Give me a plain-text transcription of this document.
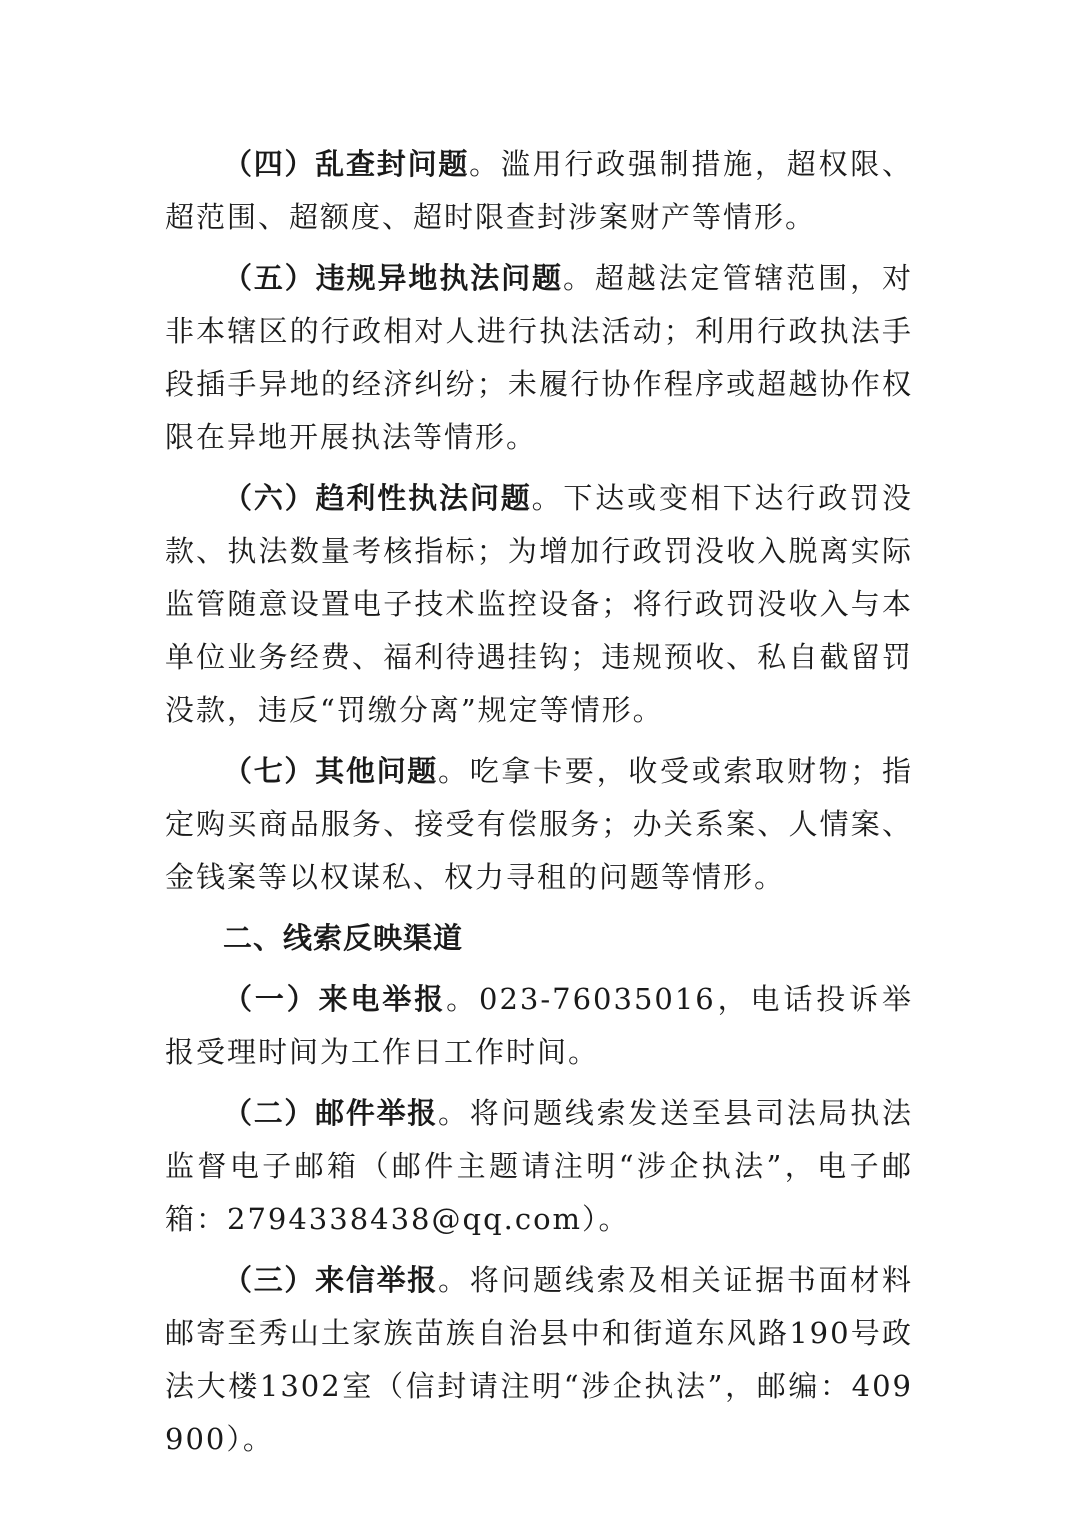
（四）乱查封问题。滥用行政强制措施，超权限、超范围、超额度、超时限查封涉案财产等情形。

（五）违规异地执法问题。超越法定管辖范围，对非本辖区的行政相对人进行执法活动；利用行政执法手段插手异地的经济纠纷；未履行协作程序或超越协作权限在异地开展执法等情形。

（六）趋利性执法问题。下达或变相下达行政罚没款、执法数量考核指标；为增加行政罚没收入脱离实际监管随意设置电子技术监控设备；将行政罚没收入与本单位业务经费、福利待遇挂钩；违规预收、私自截留罚没款，违反“罚缴分离”规定等情形。

（七）其他问题。吃拿卡要，收受或索取财物；指定购买商品服务、接受有偿服务；办关系案、人情案、金钱案等以权谋私、权力寻租的问题等情形。

二、线索反映渠道

（一）来电举报。023-76035016，电话投诉举报受理时间为工作日工作时间。

（二）邮件举报。将问题线索发送至县司法局执法监督电子邮箱（邮件主题请注明“涉企执法”，电子邮箱：2794338438@qq.com）。

（三）来信举报。将问题线索及相关证据书面材料邮寄至秀山土家族苗族自治县中和街道东风路190号政法大楼1302室（信封请注明“涉企执法”，邮编：409900）。
